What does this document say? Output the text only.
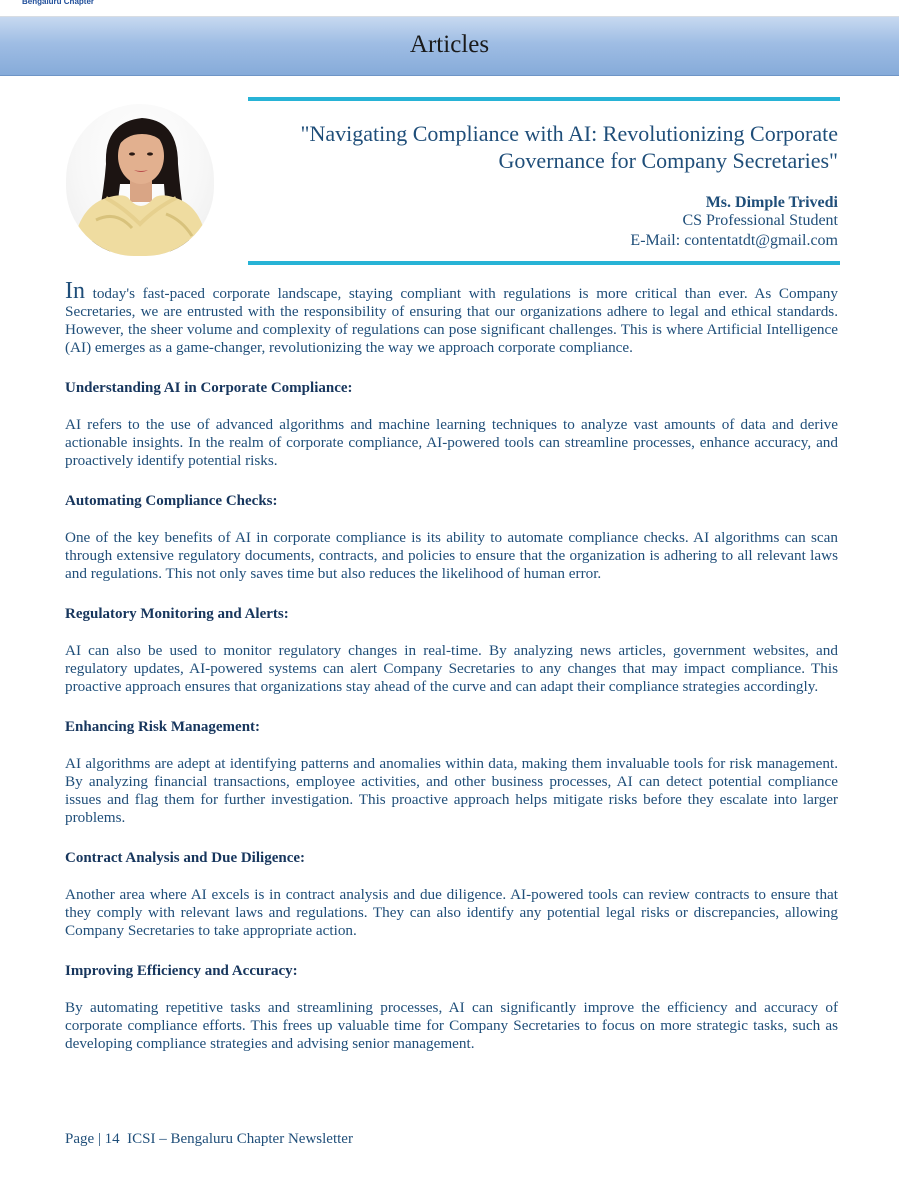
Bengaluru Chapter
Articles
"Navigating Compliance with AI: Revolutionizing Corporate Governance for Company Secretaries"
Ms. Dimple Trivedi
CS Professional Student
E-Mail: contentatdt@gmail.com

In today's fast-paced corporate landscape, staying compliant with regulations is more critical than ever. As Company Secretaries, we are entrusted with the responsibility of ensuring that our organizations adhere to legal and ethical standards. However, the sheer volume and complexity of regulations can pose significant challenges. This is where Artificial Intelligence (AI) emerges as a game-changer, revolutionizing the way we approach corporate compliance.

Understanding AI in Corporate Compliance:

AI refers to the use of advanced algorithms and machine learning techniques to analyze vast amounts of data and derive actionable insights. In the realm of corporate compliance, AI-powered tools can streamline processes, enhance accuracy, and proactively identify potential risks.

Automating Compliance Checks:

One of the key benefits of AI in corporate compliance is its ability to automate compliance checks. AI algorithms can scan through extensive regulatory documents, contracts, and policies to ensure that the organization is adhering to all relevant laws and regulations. This not only saves time but also reduces the likelihood of human error.

Regulatory Monitoring and Alerts:

AI can also be used to monitor regulatory changes in real-time. By analyzing news articles, government websites, and regulatory updates, AI-powered systems can alert Company Secretaries to any changes that may impact compliance. This proactive approach ensures that organizations stay ahead of the curve and can adapt their compliance strategies accordingly.

Enhancing Risk Management:

AI algorithms are adept at identifying patterns and anomalies within data, making them invaluable tools for risk management. By analyzing financial transactions, employee activities, and other business processes, AI can detect potential compliance issues and flag them for further investigation. This proactive approach helps mitigate risks before they escalate into larger problems.

Contract Analysis and Due Diligence:

Another area where AI excels is in contract analysis and due diligence. AI-powered tools can review contracts to ensure that they comply with relevant laws and regulations. They can also identify any potential legal risks or discrepancies, allowing Company Secretaries to take appropriate action.

Improving Efficiency and Accuracy:

By automating repetitive tasks and streamlining processes, AI can significantly improve the efficiency and accuracy of corporate compliance efforts. This frees up valuable time for Company Secretaries to focus on more strategic tasks, such as developing compliance strategies and advising senior management.

Page | 14  ICSI – Bengaluru Chapter Newsletter
